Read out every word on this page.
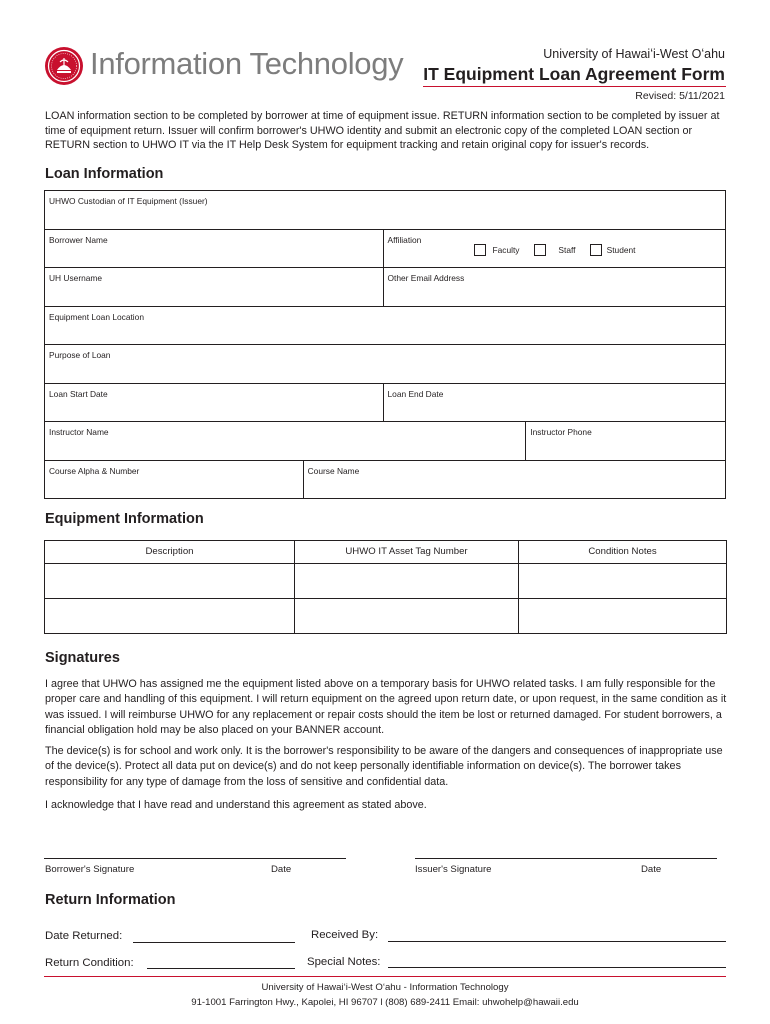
Information Technology	University of Hawaiʻi-West Oʻahu
IT Equipment Loan Agreement Form
Revised: 5/11/2021
LOAN information section to be completed by borrower at time of equipment issue. RETURN information section to be completed by issuer at time of equipment return. Issuer will confirm borrower's UHWO identity and submit an electronic copy of the completed LOAN section or RETURN section to UHWO IT via the IT Help Desk System for equipment tracking and retain original copy for issuer's records.
Loan Information
UHWO Custodian of IT Equipment (Issuer)
Borrower Name	Affiliation
Faculty	Staff	Student
UH Username	Other Email Address
Equipment Loan Location
Purpose of Loan
Loan Start Date	Loan End Date
Instructor Name	Instructor Phone
Course Alpha & Number	Course Name
Equipment Information
Description	UHWO IT Asset Tag Number	Condition Notes

Signatures
I agree that UHWO has assigned me the equipment listed above on a temporary basis for UHWO related tasks. I am fully responsible for the proper care and handling of this equipment. I will return equipment on the agreed upon return date, or upon request, in the same condition as it was issued. I will reimburse UHWO for any replacement or repair costs should the item be lost or returned damaged. For student borrowers, a financial obligation hold may be also placed on your BANNER account.
The device(s) is for school and work only. It is the borrower's responsibility to be aware of the dangers and consequences of inappropriate use of the device(s). Protect all data put on device(s) and do not keep personally identifiable information on device(s). The borrower takes responsibility for any type of damage from the loss of sensitive and confidential data.
I acknowledge that I have read and understand this agreement as stated above.
Borrower's Signature	Date	Issuer's Signature	Date
Return Information
Date Returned:	Received By:
Return Condition:	Special Notes:
University of Hawaiʻi-West Oʻahu - Information Technology
91-1001 Farrington Hwy., Kapolei, HI 96707 l (808) 689-2411 Email: uhwohelp@hawaii.edu
